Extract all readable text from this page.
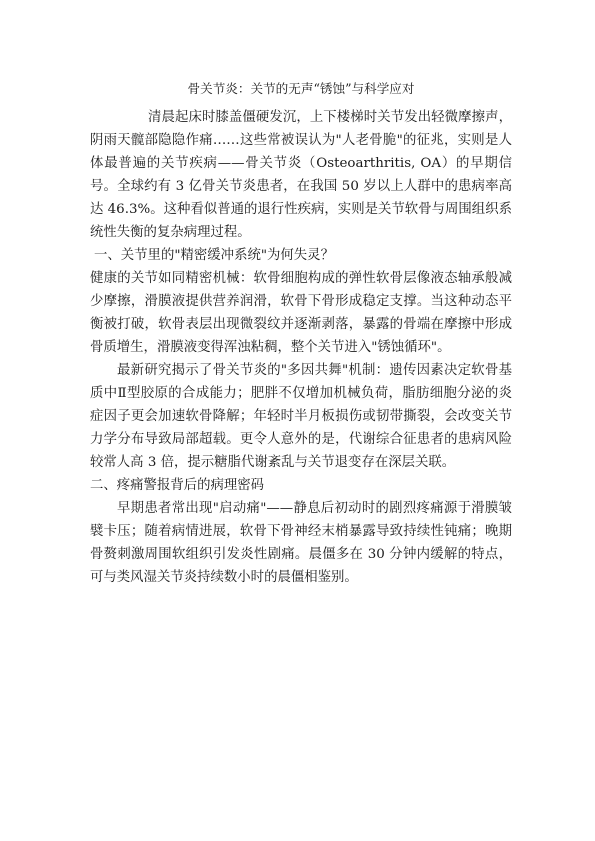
骨关节炎：关节的无声“锈蚀”与科学应对

清晨起床时膝盖僵硬发沉，上下楼梯时关节发出轻微摩擦声，阴雨天髋部隐隐作痛……这些常被误认为"人老骨脆"的征兆，实则是人体最普遍的关节疾病——骨关节炎（Osteoarthritis, OA）的早期信号。全球约有 3 亿骨关节炎患者，在我国 50 岁以上人群中的患病率高达 46.3%。这种看似普通的退行性疾病，实则是关节软骨与周围组织系统性失衡的复杂病理过程。

一、关节里的"精密缓冲系统"为何失灵？

健康的关节如同精密机械：软骨细胞构成的弹性软骨层像液态轴承般减少摩擦，滑膜液提供营养润滑，软骨下骨形成稳定支撑。当这种动态平衡被打破，软骨表层出现微裂纹并逐渐剥落，暴露的骨端在摩擦中形成骨质增生，滑膜液变得浑浊粘稠，整个关节进入"锈蚀循环"。

最新研究揭示了骨关节炎的"多因共舞"机制：遗传因素决定软骨基质中Ⅱ型胶原的合成能力；肥胖不仅增加机械负荷，脂肪细胞分泌的炎症因子更会加速软骨降解；年轻时半月板损伤或韧带撕裂，会改变关节力学分布导致局部超载。更令人意外的是，代谢综合征患者的患病风险较常人高 3 倍，提示糖脂代谢紊乱与关节退变存在深层关联。

二、疼痛警报背后的病理密码

早期患者常出现"启动痛"——静息后初动时的剧烈疼痛源于滑膜皱襞卡压；随着病情进展，软骨下骨神经末梢暴露导致持续性钝痛；晚期骨赘刺激周围软组织引发炎性剧痛。晨僵多在 30 分钟内缓解的特点，可与类风湿关节炎持续数小时的晨僵相鉴别。
